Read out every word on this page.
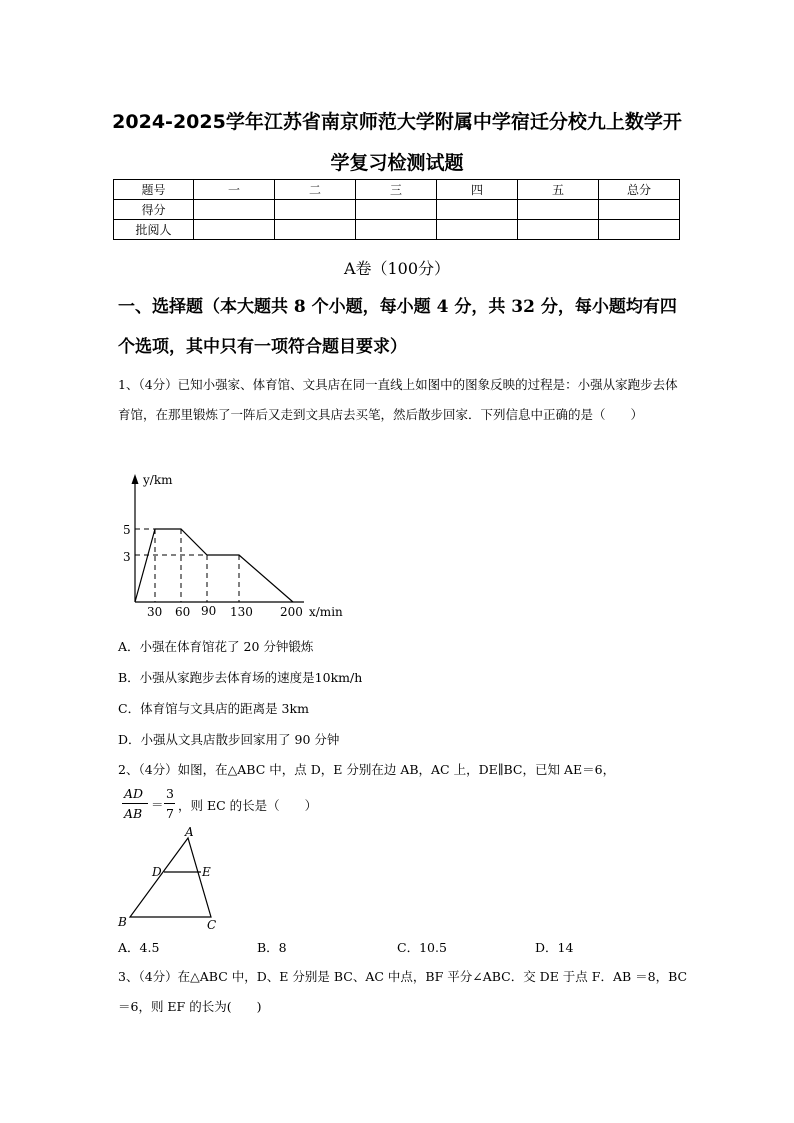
2024-2025学年江苏省南京师范大学附属中学宿迁分校九上数学开
学复习检测试题
题号	一	二	三	四	五	总分
得分						
批阅人						
A卷（100分）
一、选择题（本大题共 8 个小题，每小题 4 分，共 32 分，每小题均有四个选项，其中只有一项符合题目要求）
1、（4分）已知小强家、体育馆、文具店在同一直线上如图中的图象反映的过程是：小强从家跑步去体育馆，在那里锻炼了一阵后又走到文具店去买笔，然后散步回家．下列信息中正确的是（　　）
y/km
x/min
5
3
30 60 90 130 200
A．小强在体育馆花了 20 分钟锻炼
B．小强从家跑步去体育场的速度是10km/h
C．体育馆与文具店的距离是 3km
D．小强从文具店散步回家用了 90 分钟
2、（4分）如图，在△ABC 中，点 D，E 分别在边 AB，AC 上，DE∥BC，已知 AE＝6，
AD
AB
＝
3
7
，则 EC 的长是（　　）
A
D	E
B	C
A．4.5	B．8	C．10.5	D．14
3、（4分）在△ABC 中，D、E 分别是 BC、AC 中点，BF 平分∠ABC．交 DE 于点 F．AB ＝8，BC＝6，则 EF 的长为(　　)
